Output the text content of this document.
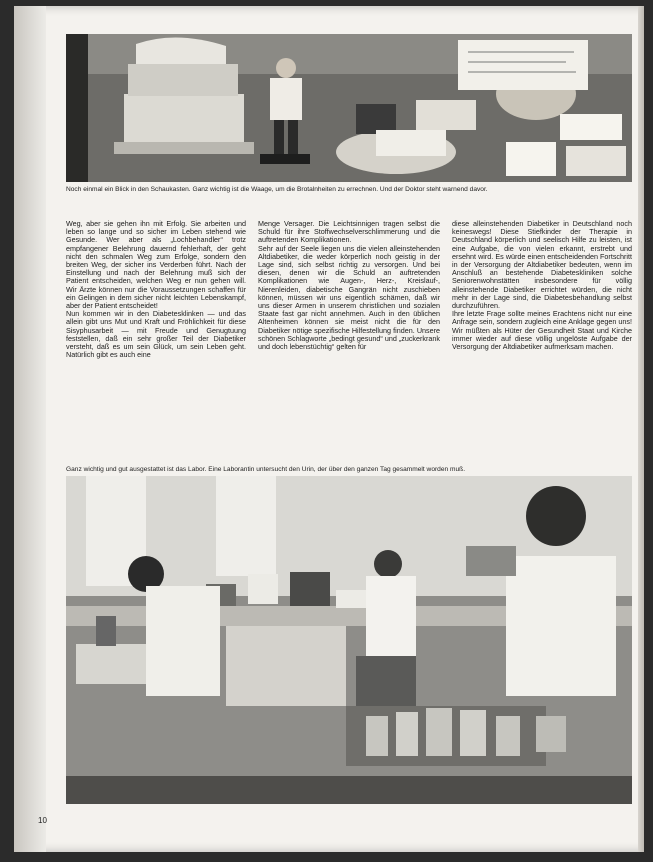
Noch einmal ein Blick in den Schaukasten. Ganz wichtig ist die Waage, um die Brotalnheiten zu errechnen. Und der Doktor steht warnend davor.

Weg, aber sie gehen ihn mit Erfolg. Sie arbeiten und leben so lange und so sicher im Leben stehend wie Gesunde. Wer aber als „Lochbehandler“ trotz empfangener Belehrung dauernd fehlerhaft, der geht nicht den schmalen Weg zum Erfolge, sondern den breiten Weg, der sicher ins Verderben führt. Nach der Einstellung und nach der Belehrung muß sich der Patient entscheiden, welchen Weg er nun gehen will. Wir Ärzte können nur die Voraussetzungen schaffen für ein Gelingen in dem sicher nicht leichten Lebenskampf, aber der Patient entscheidet!

Nun kommen wir in den Diabetesklinken — und das allein gibt uns Mut und Kraft und Fröhlichkeit für diese Sisyphusarbeit — mit Freude und Genugtuung feststellen, daß ein sehr großer Teil der Diabetiker versteht, daß es um sein Glück, um sein Leben geht. Natürlich gibt es auch eine

Menge Versager. Die Leichtsinnigen tragen selbst die Schuld für ihre Stoffwechselverschlimmerung und die auftretenden Komplikationen.

Sehr auf der Seele liegen uns die vielen alleinstehenden Altdiabetiker, die weder körperlich noch geistig in der Lage sind, sich selbst richtig zu versorgen. Und bei diesen, denen wir die Schuld an auftretenden Komplikationen wie Augen-, Herz-, Kreislauf-, Nierenleiden, diabetische Gangrän nicht zuschieben können, müssen wir uns eigentlich schämen, daß wir uns dieser Armen in unserem christlichen und sozialen Staate fast gar nicht annehmen. Auch in den üblichen Altenheimen können sie meist nicht die für den Diabetiker nötige spezifische Hilfestellung finden. Unsere schönen Schlagworte „bedingt gesund“ und „zuckerkrank und doch lebenstüchtig“ gelten für

diese alleinstehenden Diabetiker in Deutschland noch keineswegs! Diese Stiefkinder der Therapie in Deutschland körperlich und seelisch Hilfe zu leisten, ist eine Aufgabe, die von vielen erkannt, erstrebt und ersehnt wird. Es würde einen entscheidenden Fortschritt in der Versorgung der Altdiabetiker bedeuten, wenn im Anschluß an bestehende Diabeteskliniken solche Seniorenwohnstätten insbesondere für völlig alleinstehende Diabetiker errichtet würden, die nicht mehr in der Lage sind, die Diabetesbehandlung selbst durchzuführen.

Ihre letzte Frage sollte meines Erachtens nicht nur eine Anfrage sein, sondern zugleich eine Anklage gegen uns! Wir müßten als Hüter der Gesundheit Staat und Kirche immer wieder auf diese völlig ungelöste Aufgabe der Versorgung der Altdiabetiker aufmerksam machen.

Ganz wichtig und gut ausgestattet ist das Labor. Eine Laborantin untersucht den Urin, der über den ganzen Tag gesammelt worden muß.
10
